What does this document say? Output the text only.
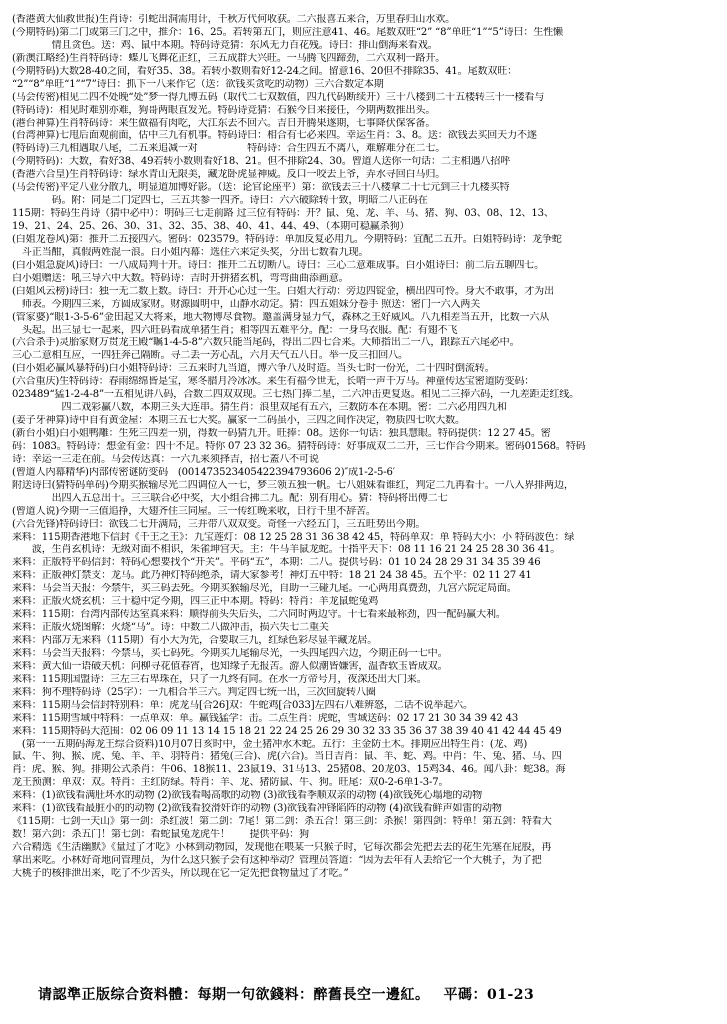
(香港黄大仙救世报)生肖诗：引蛇出洞需用计，千秋万代何收获。二六报喜五来合，万里春归山水欢。
(今期特码)第二门或第三门之中，推介：16、25。若转第五门，则应注意41、46。尾数双旺“2” “8”单旺“1”“5”诗曰：生性懒
　　　　情且贪色。送：鸡、鼠中本期。特码诗竞猜：东风无力百花残。诗曰：排山倒海来看戏。
(新澳江略经)生肖特码诗：蝶儿飞舞花正红，三五成群大兴旺。一马腾飞四蹄劲，二六双利一路开。
(今期特码)大数28-40之间，看好35、38。若转小数则看好12-24之间。留意16、20但不排除35、41。尾数双旺：
“2”“8”单旺“1”“7”诗曰：抓下一八来作它（送：欲钱买贪吃的动物）三六合数定本期
(马会传密)相见二四不处晚“处”梦一得九博五码（取代二七双数值，四九代码断续开）三十八楼到二十五楼转三十一楼看与
(特码诗)：相见时难别亦难，狗哥两眼直发光。特码诗竞猜：石猴今日来接任，今期两数推出头。
(港台神算)生肖特码诗：来生做福有肉吃，大江东去不回六。吉日开腾果遂期，七事降伏保客备。
(台湾神算)七甩后面观前面，估中三九有机事。特码诗曰：相合有七必来四。幸运生肖：3、8。送：欲钱去买回天力不遂
(特码诗)三九相遇取八尾，二五来追减一对　　　　　特码诗：合生四五不离八，难解难分在二七。
(今期特码)：大数，看好38、49若转小数则看好18、21。但不排除24、30。曾道人送你一句话：二主相遇八招呼
(香港六合皇)生肖特码诗：绿水青山无限美，藏龙卧虎显神威。反口一咬去上爷，弄水寻回白马归。
(马会传密)平定八业分散九，明显道加博好影。（送：论官论座平）第：欲钱去三十八楼拿二十七元到三十九楼买特
　　　　码。附：同是二门定四七，三五共参一四齐。诗曰：六六破除转十致，明暗二八正码在
115期：特码生肖诗（猜中必中）：明码三七走前路 过三位有特码：开？鼠、兔、龙、羊、马、猪、狗、03、08、12、13、
19、21、24、25、26、30、31、32、35、38、40、41、44、49、（本期可稳赢杀狗）
(白姐龙卷风)第：推开二五接四六。密码：023579。特码诗：单加反复必用九。今期特码：宜配二五开。白姐特码诗：龙争蛇
　斗正当酣，真假两姓混一浪。白小姐内幕：选住六来定头奖，分出七数看九现。
(白小姐急旋风)诗曰：一八成局判十开。诗曰：推开二五切断八。诗曰：三心二意难成事。白小姐诗曰：前二后五聊四七。
白小姐赠送：吼三导六中大数。特码诗：吉时开拼猪玄机，弯弯曲曲添画意。
(白姐风云榜)诗曰：独一无二数上数。诗曰：开开心心过一生。白姐大行动：旁边四锭金，横出四可怜。身大不敢事，才为出
　师表。今期四三来，方圆成家财。财源圆明中，山静水动定。猜：四五姐妹分卷手 照送：密门一六入两关
(管家婆)“眼1-3-5-6”金田起又大将来，地大物博尽食物。邀盖满身显力气，森林之王好威风。八九相差当五开，比数一六从
　头起。出三显七一起来，四六旺码看成单猪生肖；相等四五难平分。配：一身乌衣服。配：有翅不飞
(六合杀手)灵胎家财万贯龙王殿“瞩1-4-5-8”六数只能当尾码，得出二四七合来。大师指出二一八，跟踪五六尾必中。
三心二意相互应，一四狂奔己隔断。寻二丢一芳心乱，六月天气五八日。举一反三扣回八。
(白小姐必赢风暴特码)白小姐特码诗：三五来时九当道，博六争八及时造。当头七时一份光，二十四时倒流转。
(六合重庆)生特码诗：春雨绵绵皆是宝，寒冬腊月冷冰冰。来生有福今世无，长哨一声千万马。神童传达宝密道防变码：
023489“猛1-2-4-8”一五相见讲八码，合数二四双双现。三七热门捧二星，二六冲击更复返。相见二三捧六码，一九差距走红线。
　　　　　四二戏彩赢八数，本期三头大连串。猜生肖：浪里双尾有五六，三数防本在本期。密：二六必用四九和
(姜子牙神算)诗中自有黄金屋：本期三五七大奖。赢家一二码虽小，三四之间作决定，物质四七吹大数。
(新台小姐)白小姐鸭雕：生死三四差一别，得数一码猜九开。旺捧：08。送你一句话：独具慧眼。特码提供：12 27 45。密
码：1083。特码诗：想金有金：四十不足。特你 07 23 32 36。猜特码诗：好事成双二二开，三七作合今期来。密码01568。特码
诗：幸运一三走在前。马会传达真：一六九来须择吉，招七蓋八不可说
(曾道人内幕精华)内部传密谜防变码　(001473523405422394793606 2)″成1-2-5-6′
附送诗曰(猜特码单码)今期买猴输尽光二四调位入一七，梦三领五独一帆。七八姐妹看谁红，判定二九再看十。一八入界排两边，
　　　　出四入五总出十。三三联合必中奖，大小组合拂二九。配：别有用心。猜：特码将出傅二七
(曾道人说)今期一三值追挣，大翅齐住三同屋。三一传红晚来收，日行千里不辞苦。
(六合先锋)特码诗曰：欲钱二七开满局，三并带八双双变。奇怪一六经五门，三五旺势出今期。
来料：115期香港地下信封《千王之王》：九宝莲灯：08 12 25 28 31 36 38 42 45，特码单双：单 特码大小：小 特码波色：绿
　　波，生肖玄机诗：无级对面不相识，朱雀坤宫天。主：牛马羊鼠龙蛇。十指平天下：08 11 16 21 24 25 28 30 36 41。
来料：正版特平码信封：特码心想要找个“开关”。平码“五”，本期：二八。提供号码：01 10 24 28 29 31 34 35 39 46
来料：正版神灯禁支：龙马。此乃神灯特码绝杀，请大家参考！神灯五中特：18 21 24 38 45。五个平：02 11 27 41
来料：马会当天报：今禁牛，买三码去死。今期买猴输尽光，自助一三碰九尾。一心两用真费劲，九宫六院定局面。
来料：正版火烧玄机：三十稳中定今期，四三正中本期。特码：特肖：羊龙鼠蛇兔鸡
来料：115期：台湾内部传达室真来料：顺得前头失后头，二六同时两边守。十七看来最称劲，四一配码赢大利。
来料：正版火烧图解：火烧“马”。诗：中数二八做冲击，损六失七二重关
来料：内部万无来料（115期）有小大为先，合要取三九，红绿色彩尽显羊藏龙居。
来料：马会当天报料：今禁马，买七码死。今期买九尾输尽光，一头四尾四六边，今期正码一七中。
来料：黄大仙一语破天机：问柳寻花值春宵，也知缘子无报苦。游人似潮皆嫌害，温香软玉皆成双。
来料：115期国盟诗：三左三右卑珠在，只了一九终有同。在水一方帝号月，夜深还出大门来。
来料：狗不理特码诗（25字）：一九相合半三六。判定四七统一出，三次回旋转八圈
来料：115期马会信封特别料：单：虎龙马[合26]双：牛蛇鸡[合033]左四右八难辨怒，二话不说举起六。
来料：115期雪域中特料：一点单双：单。赢钱猛学：击。二点生肖：虎蛇，雪域送码：02 17 21 30 34 39 42 43
来料：115期特码大范围：02 06 09 11 13 14 15 18 21 22 24 25 26 29 30 32 33 35 36 37 38 39 40 41 42 44 45 49
　(第一一五期码海龙王综合资料)10月07日亥时中，金土猪冲水木蛇。五行：主金防土木。排期应出特生肖：(龙、鸡)
鼠、牛、狗、猴、虎、兔、羊、羊、羽特肖：猪兔(三合)、虎(六合)。当日吉肖：鼠、羊、蛇、鸡。中肖：牛、兔、猪、马、四
肖：虎、猴、狗。排期公式杀肖：牛06、18猴11、23鼠19、31马13、25猪08、20龙03、15鸡34、46。闻八卦：蛇38。海
龙王预测：单双：双。特肖：主红防绿。特肖：羊、龙、猪防鼠、牛、狗。旺尾：双0-2-6单1-3-7。
来料：(1)欲钱看满肚坏水的动物 (2)欲钱看喝高歌的动物 (3)欲钱看季顺双亲的动物 (4)欲钱死心塌地的动物
来料：(1)欲钱看最脏小的的动物 (2)欲钱看狡滑奸诈的动物 (3)欲钱看冲锋陷阵的动物 (4)欲钱看鲜声如雷的动物
《115期：七剑一天山》第一剑：杀红波！第二剑：7尾！第二剑：杀五合！第三剑：杀猴！第四剑：特单！第五剑：特看大
数！第六剑：杀五门！第七剑：看蛇鼠兔龙虎牛！　　提供平码：狗
六合精选《生活幽默》《量过了才吃》小林到动物园，发现他在喂某一只猴子时，它每次都会先把去去的花生先塞在屁股，再
拿出来吃。小林好奇地问管理员，为什么这只猴子会有这种举动？管理员答道：“因为去年有人丢给它一个大桃子，为了把
大桃子的核排泄出来，吃了不少苦头，所以现在它一定先把食物量过了才吃。”
请認準正版综合资料體：每期一句欲錢料：醉舊長空一邊紅。 平碼：01-23
